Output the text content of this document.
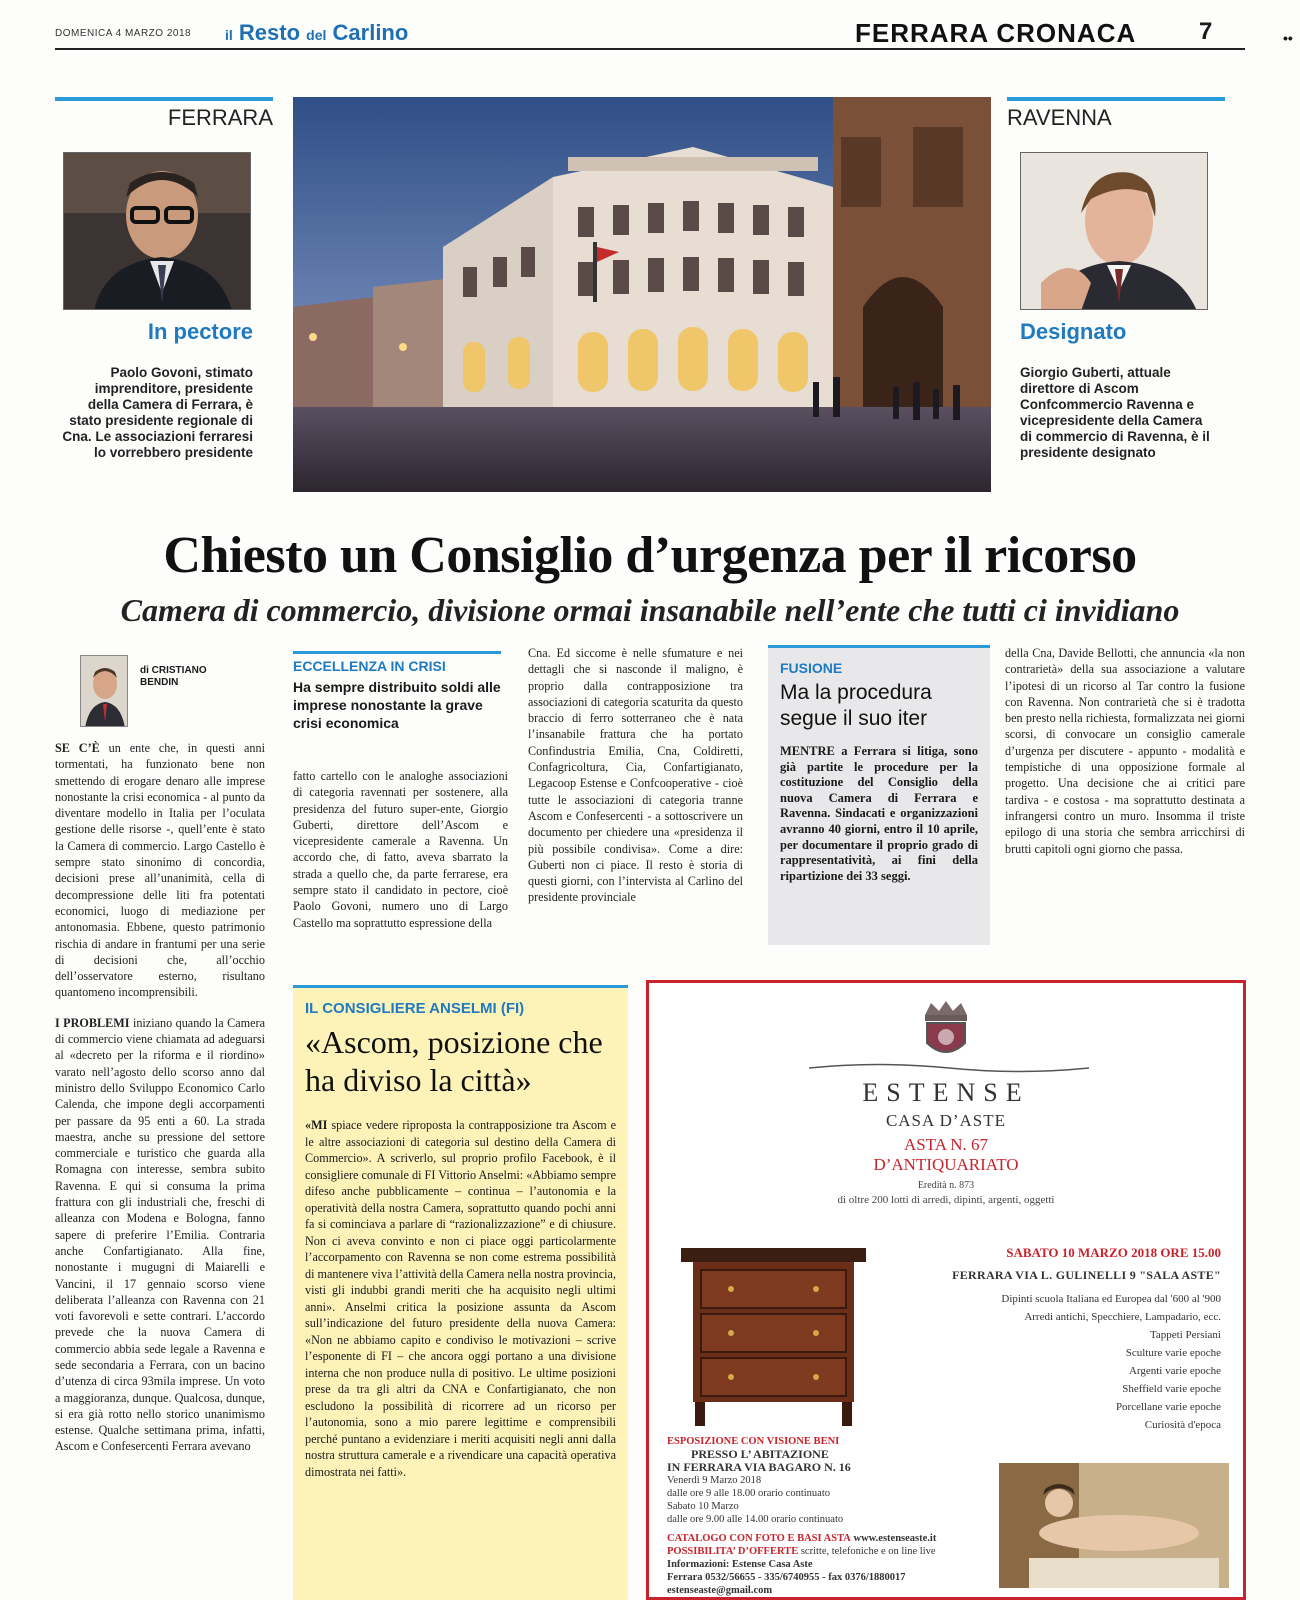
DOMENICA 4 MARZO 2018 il Resto del Carlino	FERRARA CRONACA	7	••
FERRARA
In pectore
Paolo Govoni, stimato imprenditore, presidente della Camera di Ferrara, è stato presidente regionale di Cna. Le associazioni ferraresi lo vorrebbero presidente
RAVENNA
Designato
Giorgio Guberti, attuale direttore di Ascom Confcommercio Ravenna e vicepresidente della Camera di commercio di Ravenna, è il presidente designato
Chiesto un Consiglio d’urgenza per il ricorso
Camera di commercio, divisione ormai insanabile nell’ente che tutti ci invidiano
di CRISTIANO
BENDIN

SE C’È un ente che, in questi anni tormentati, ha funzionato bene non smettendo di erogare denaro alle imprese nonostante la crisi economica - al punto da diventare modello in Italia per l’oculata gestione delle risorse -, quell’ente è stato la Camera di commercio. Largo Castello è sempre stato sinonimo di concordia, decisioni prese all’unanimità, cella di decompressione delle liti fra potentati economici, luogo di mediazione per antonomasia. Ebbene, questo patrimonio rischia di andare in frantumi per una serie di decisioni che, all’occhio dell’osservatore esterno, risultano quantomeno incomprensibili.

I PROBLEMI iniziano quando la Camera di commercio viene chiamata ad adeguarsi al «decreto per la riforma e il riordino» varato nell’agosto dello scorso anno dal ministro dello Sviluppo Economico Carlo Calenda, che impone degli accorpamenti per passare da 95 enti a 60. La strada maestra, anche su pressione del settore commerciale e turistico che guarda alla Romagna con interesse, sembra subito Ravenna. E qui si consuma la prima frattura con gli industriali che, freschi di alleanza con Modena e Bologna, fanno sapere di preferire l’Emilia. Contraria anche Confartigianato. Alla fine, nonostante i mugugni di Maiarelli e Vancini, il 17 gennaio scorso viene deliberata l’alleanza con Ravenna con 21 voti favorevoli e sette contrari. L’accordo prevede che la nuova Camera di commercio abbia sede legale a Ravenna e sede secondaria a Ferrara, con un bacino d’utenza di circa 93mila imprese. Un voto a maggioranza, dunque. Qualcosa, dunque, si era già rotto nello storico unanimismo estense. Qualche settimana prima, infatti, Ascom e Confesercenti Ferrara avevano

ECCELLENZA IN CRISI
Ha sempre distribuito soldi alle imprese nonostante la grave crisi economica

fatto cartello con le analoghe associazioni di categoria ravennati per sostenere, alla presidenza del futuro super-ente, Giorgio Guberti, direttore dell’Ascom e vicepresidente camerale a Ravenna. Un accordo che, di fatto, aveva sbarrato la strada a quello che, da parte ferrarese, era sempre stato il candidato in pectore, cioè Paolo Govoni, numero uno di Largo Castello ma soprattutto espressione della

Cna. Ed siccome è nelle sfumature e nei dettagli che si nasconde il maligno, è proprio dalla contrapposizione tra associazioni di categoria scaturita da questo braccio di ferro sotterraneo che è nata l’insanabile frattura che ha portato Confindustria Emilia, Cna, Coldiretti, Confagricoltura, Cia, Confartigianato, Legacoop Estense e Confcooperative - cioè tutte le associazioni di categoria tranne Ascom e Confesercenti - a sottoscrivere un documento per chiedere una «presidenza il più possibile condivisa». Come a dire: Guberti non ci piace. Il resto è storia di questi giorni, con l’intervista al Carlino del presidente provinciale

FUSIONE
Ma la procedura segue il suo iter

MENTRE a Ferrara si litiga, sono già partite le procedure per la costituzione del Consiglio della nuova Camera di Ferrara e Ravenna. Sindacati e organizzazioni avranno 40 giorni, entro il 10 aprile, per documentare il proprio grado di rappresentatività, ai fini della ripartizione dei 33 seggi.

della Cna, Davide Bellotti, che annuncia «la non contrarietà» della sua associazione a valutare l’ipotesi di un ricorso al Tar contro la fusione con Ravenna. Non contrarietà che si è tradotta ben presto nella richiesta, formalizzata nei giorni scorsi, di convocare un consiglio camerale d’urgenza per discutere - appunto - modalità e tempistiche di una opposizione formale al progetto. Una decisione che ai critici pare tardiva - e costosa - ma soprattutto destinata a infrangersi contro un muro. Insomma il triste epilogo di una storia che sembra arricchirsi di brutti capitoli ogni giorno che passa.

IL CONSIGLIERE ANSELMI (FI)
«Ascom, posizione che ha diviso la città»

«MI spiace vedere riproposta la contrapposizione tra Ascom e le altre associazioni di categoria sul destino della Camera di Commercio». A scriverlo, sul proprio profilo Facebook, è il consigliere comunale di FI Vittorio Anselmi: «Abbiamo sempre difeso anche pubblicamente – continua – l’autonomia e la operatività della nostra Camera, soprattutto quando pochi anni fa si cominciava a parlare di “razionalizzazione” e di chiusure. Non ci aveva convinto e non ci piace oggi particolarmente l’accorpamento con Ravenna se non come estrema possibilità di mantenere viva l’attività della Camera nella nostra provincia, visti gli indubbi grandi meriti che ha acquisito negli ultimi anni». Anselmi critica la posizione assunta da Ascom sull’indicazione del futuro presidente della nuova Camera: «Non ne abbiamo capito e condiviso le motivazioni – scrive l’esponente di FI – che ancora oggi portano a una divisione interna che non produce nulla di positivo. Le ultime posizioni prese da tra gli altri da CNA e Confartigianato, che non escludono la possibilità di ricorrere ad un ricorso per l’autonomia, sono a mio parere legittime e comprensibili perché puntano a evidenziare i meriti acquisiti negli anni dalla nostra struttura camerale e a rivendicare una capacità operativa dimostrata nei fatti».

ESTENSE
CASA D’ASTE
ASTA N. 67
D’ANTIQUARIATO
Eredità n. 873
di oltre 200 lotti di arredi, dipinti, argenti, oggetti
SABATO 10 MARZO 2018 ORE 15.00
FERRARA VIA L. GULINELLI 9 "SALA ASTE"
Dipinti scuola Italiana ed Europea dal '600 al '900
Arredi antichi, Specchiere, Lampadario, ecc.
Tappeti Persiani
Sculture varie epoche
Argenti varie epoche
Sheffield varie epoche
Porcellane varie epoche
Curiosità d'epoca
ESPOSIZIONE CON VISIONE BENI
PRESSO L’ ABITAZIONE
IN FERRARA VIA BAGARO N. 16
Venerdì 9 Marzo 2018
dalle ore 9 alle 18.00 orario continuato
Sabato 10 Marzo
dalle ore 9.00 alle 14.00 orario continuato
CATALOGO CON FOTO E BASI ASTA www.estenseaste.it
POSSIBILITA’ D’OFFERTE scritte, telefoniche e on line live
Informazioni: Estense Casa Aste
Ferrara 0532/56655 - 335/6740955 - fax 0376/1880017
estenseaste@gmail.com
